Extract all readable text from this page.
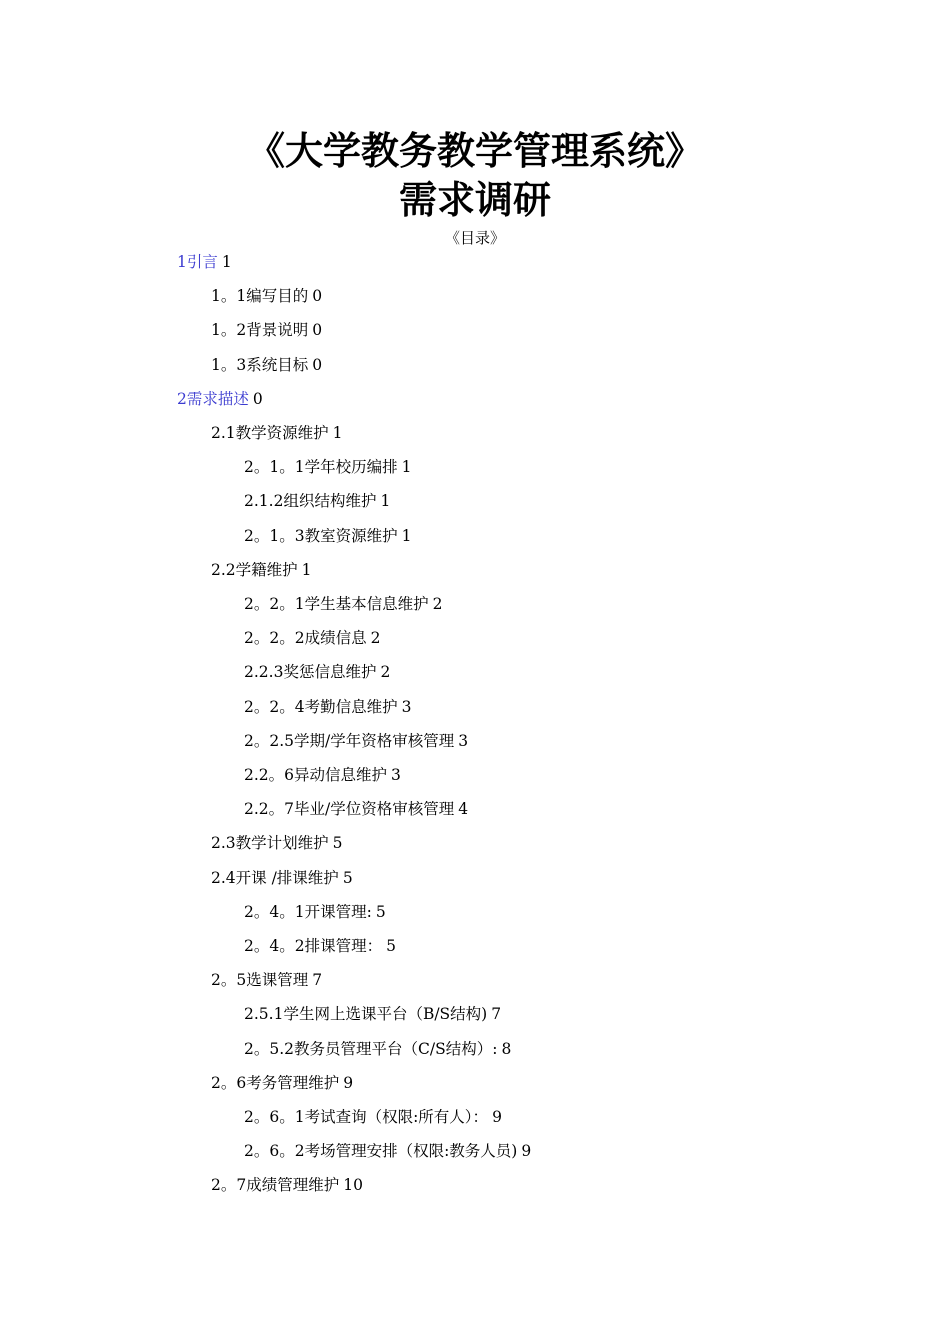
《大学教务教学管理系统》
需求调研
《目录》
1引言 1
1。1编写目的 0
1。2背景说明 0
1。3系统目标 0
2需求描述 0
2.1教学资源维护 1
2。1。1学年校历编排 1
2.1.2组织结构维护 1
2。1。3教室资源维护 1
2.2学籍维护 1
2。2。1学生基本信息维护 2
2。2。2成绩信息 2
2.2.3奖惩信息维护 2
2。2。4考勤信息维护 3
2。2.5学期/学年资格审核管理 3
2.2。6异动信息维护 3
2.2。7毕业/学位资格审核管理 4
2.3教学计划维护 5
2.4开课 /排课维护 5
2。4。1开课管理: 5
2。4。2排课管理： 5
2。5选课管理 7
2.5.1学生网上选课平台（B/S结构) 7
2。5.2教务员管理平台（C/S结构）: 8
2。6考务管理维护 9
2。6。1考试查询（权限:所有人）： 9
2。6。2考场管理安排（权限:教务人员) 9
2。7成绩管理维护 10
